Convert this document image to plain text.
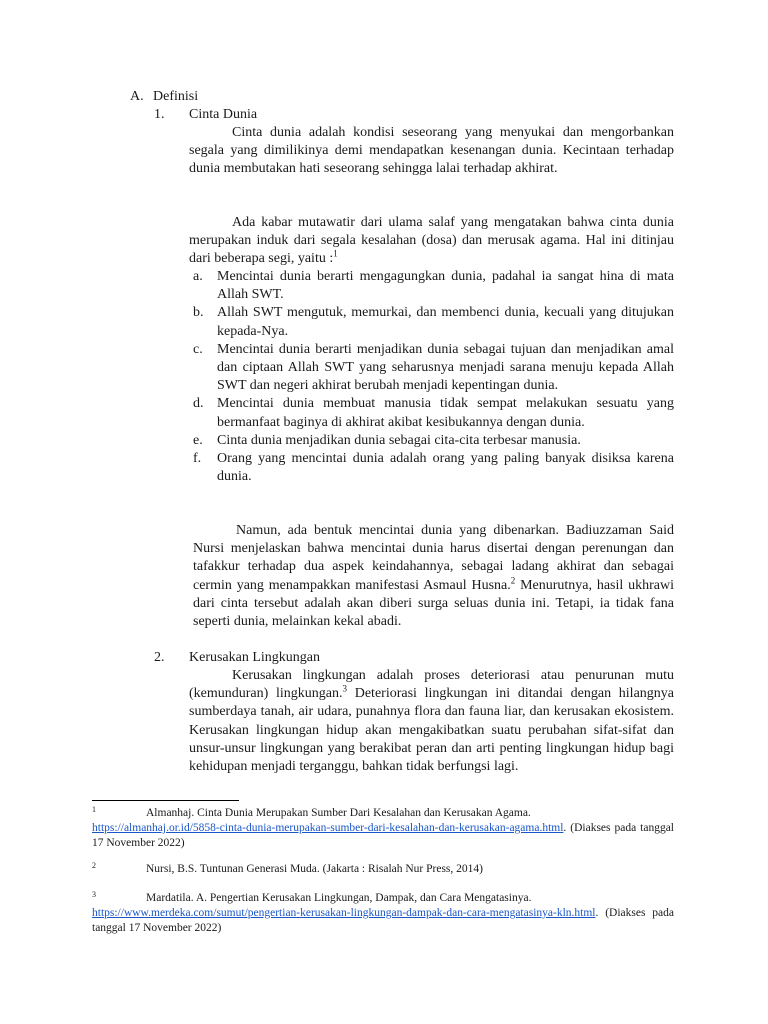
A. Definisi
1. Cinta Dunia

Cinta dunia adalah kondisi seseorang yang menyukai dan mengorbankan segala yang dimilikinya demi mendapatkan kesenangan dunia. Kecintaan terhadap dunia membutakan hati seseorang sehingga lalai terhadap akhirat.

Ada kabar mutawatir dari ulama salaf yang mengatakan bahwa cinta dunia merupakan induk dari segala kesalahan (dosa) dan merusak agama. Hal ini ditinjau dari beberapa segi, yaitu :$^1$

a. Mencintai dunia berarti mengagungkan dunia, padahal ia sangat hina di mata Allah SWT.
b. Allah SWT mengutuk, memurkai, dan membenci dunia, kecuali yang ditujukan kepada-Nya.
c. Mencintai dunia berarti menjadikan dunia sebagai tujuan dan menjadikan amal dan ciptaan Allah SWT yang seharusnya menjadi sarana menuju kepada Allah SWT dan negeri akhirat berubah menjadi kepentingan dunia.
d. Mencintai dunia membuat manusia tidak sempat melakukan sesuatu yang bermanfaat baginya di akhirat akibat kesibukannya dengan dunia.
e. Cinta dunia menjadikan dunia sebagai cita-cita terbesar manusia.
f. Orang yang mencintai dunia adalah orang yang paling banyak disiksa karena dunia.

Namun, ada bentuk mencintai dunia yang dibenarkan. Badiuzzaman Said Nursi menjelaskan bahwa mencintai dunia harus disertai dengan perenungan dan tafakkur terhadap dua aspek keindahannya, sebagai ladang akhirat dan sebagai cermin yang menampakkan manifestasi Asmaul Husna.$^2$ Menurutnya, hasil ukhrawi dari cinta tersebut adalah akan diberi surga seluas dunia ini. Tetapi, ia tidak fana seperti dunia, melainkan kekal abadi.

2. Kerusakan Lingkungan

Kerusakan lingkungan adalah proses deteriorasi atau penurunan mutu (kemunduran) lingkungan.$^3$ Deteriorasi lingkungan ini ditandai dengan hilangnya sumberdaya tanah, air udara, punahnya flora dan fauna liar, dan kerusakan ekosistem. Kerusakan lingkungan hidup akan mengakibatkan suatu perubahan sifat-sifat dan unsur-unsur lingkungan yang berakibat peran dan arti penting lingkungan hidup bagi kehidupan menjadi terganggu, bahkan tidak berfungsi lagi.

1	Almanhaj. Cinta Dunia Merupakan Sumber Dari Kesalahan dan Kerusakan Agama.
https://almanhaj.or.id/5858-cinta-dunia-merupakan-sumber-dari-kesalahan-dan-kerusakan-agama.html. (Diakses pada tanggal 17 November 2022)

2	Nursi, B.S. Tuntunan Generasi Muda. (Jakarta : Risalah Nur Press, 2014)

3	Mardatila. A. Pengertian Kerusakan Lingkungan, Dampak, dan Cara Mengatasinya.
https://www.merdeka.com/sumut/pengertian-kerusakan-lingkungan-dampak-dan-cara-mengatasinya-kln.html. (Diakses pada tanggal 17 November 2022)
